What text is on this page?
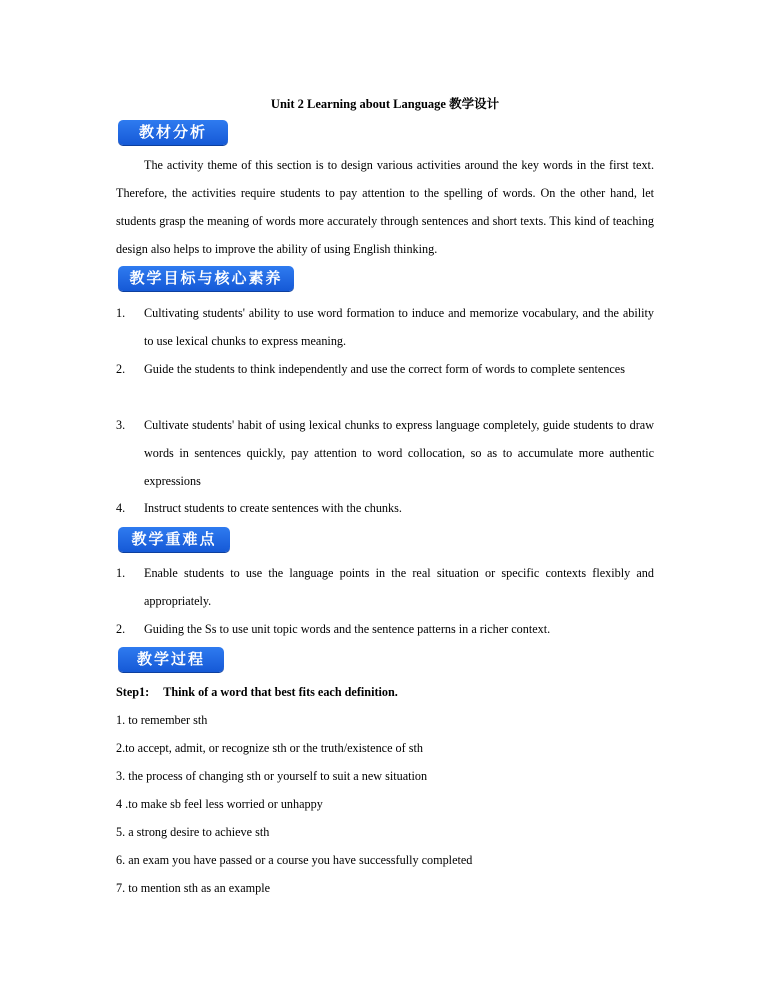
Unit 2 Learning about Language 教学设计
教材分析
The activity theme of this section is to design various activities around the key words in the first text. Therefore, the activities require students to pay attention to the spelling of words. On the other hand, let students grasp the meaning of words more accurately through sentences and short texts. This kind of teaching design also helps to improve the ability of using English thinking.
教学目标与核心素养
1. Cultivating students' ability to use word formation to induce and memorize vocabulary, and the ability to use lexical chunks to express meaning.
2. Guide the students to think independently and use the correct form of words to complete sentences
3. Cultivate students' habit of using lexical chunks to express language completely, guide students to draw words in sentences quickly, pay attention to word collocation, so as to accumulate more authentic expressions
4. Instruct students to create sentences with the chunks.
教学重难点
1. Enable students to use the language points in the real situation or specific contexts flexibly and appropriately.
2. Guiding the Ss to use unit topic words and the sentence patterns in a richer context.
教学过程
Step1: Think of a word that best fits each definition.
1. to remember sth
2.to accept, admit, or recognize sth or the truth/existence of sth
3. the process of changing sth or yourself to suit a new situation
4 .to make sb feel less worried or unhappy
5. a strong desire to achieve sth
6. an exam you have passed or a course you have successfully completed
7. to mention sth as an example
